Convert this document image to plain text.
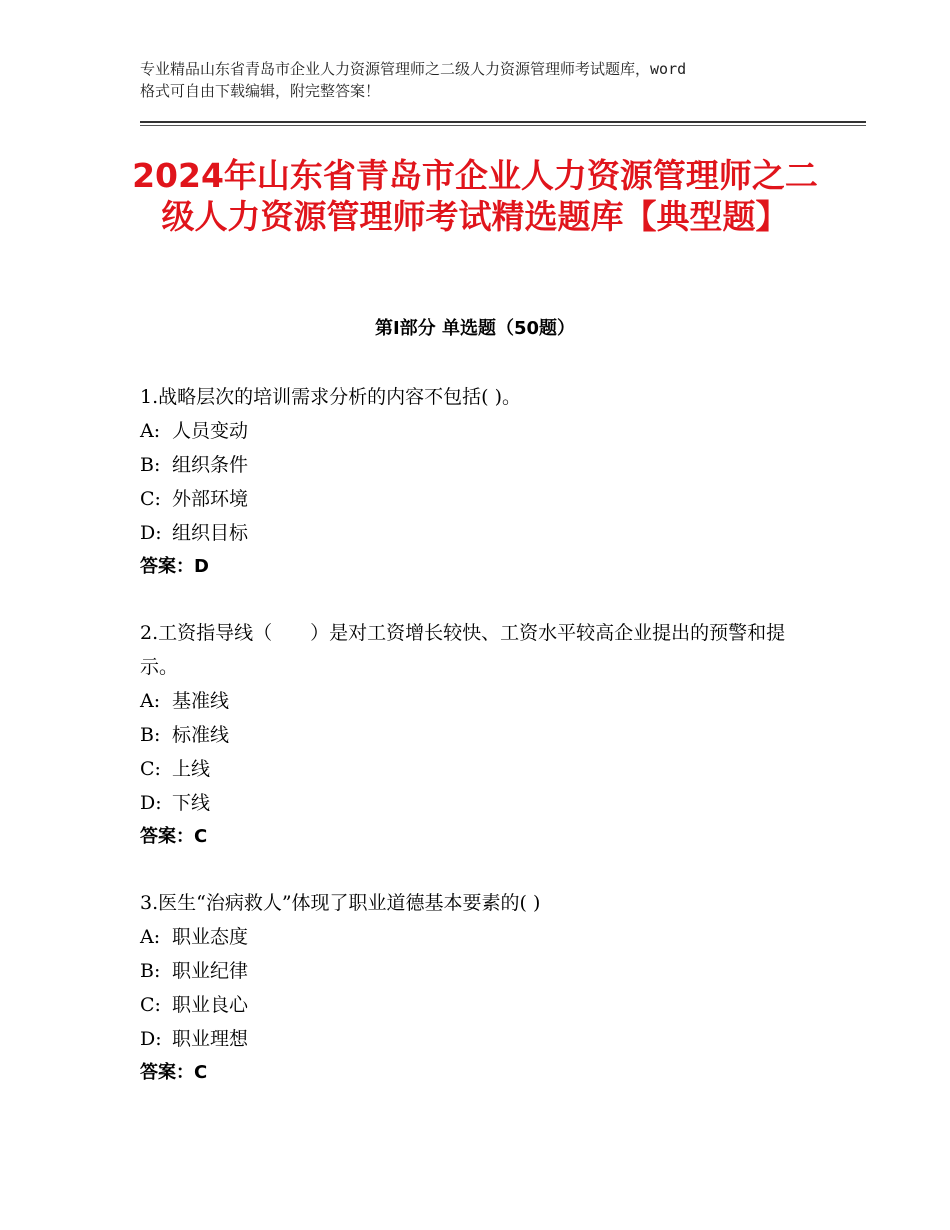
专业精品山东省青岛市企业人力资源管理师之二级人力资源管理师考试题库，word
格式可自由下载编辑，附完整答案！
2024年山东省青岛市企业人力资源管理师之二级人力资源管理师考试精选题库【典型题】
第Ⅰ部分 单选题（50题）

1.战略层次的培训需求分析的内容不包括( )。

A: 人员变动
B: 组织条件
C: 外部环境
D: 组织目标
答案：D

2.工资指导线（　　）是对工资增长较快、工资水平较高企业提出的预警和提示。

A: 基准线
B: 标准线
C: 上线
D: 下线
答案：C

3.医生“治病救人”体现了职业道德基本要素的( )

A: 职业态度
B: 职业纪律
C: 职业良心
D: 职业理想
答案：C
